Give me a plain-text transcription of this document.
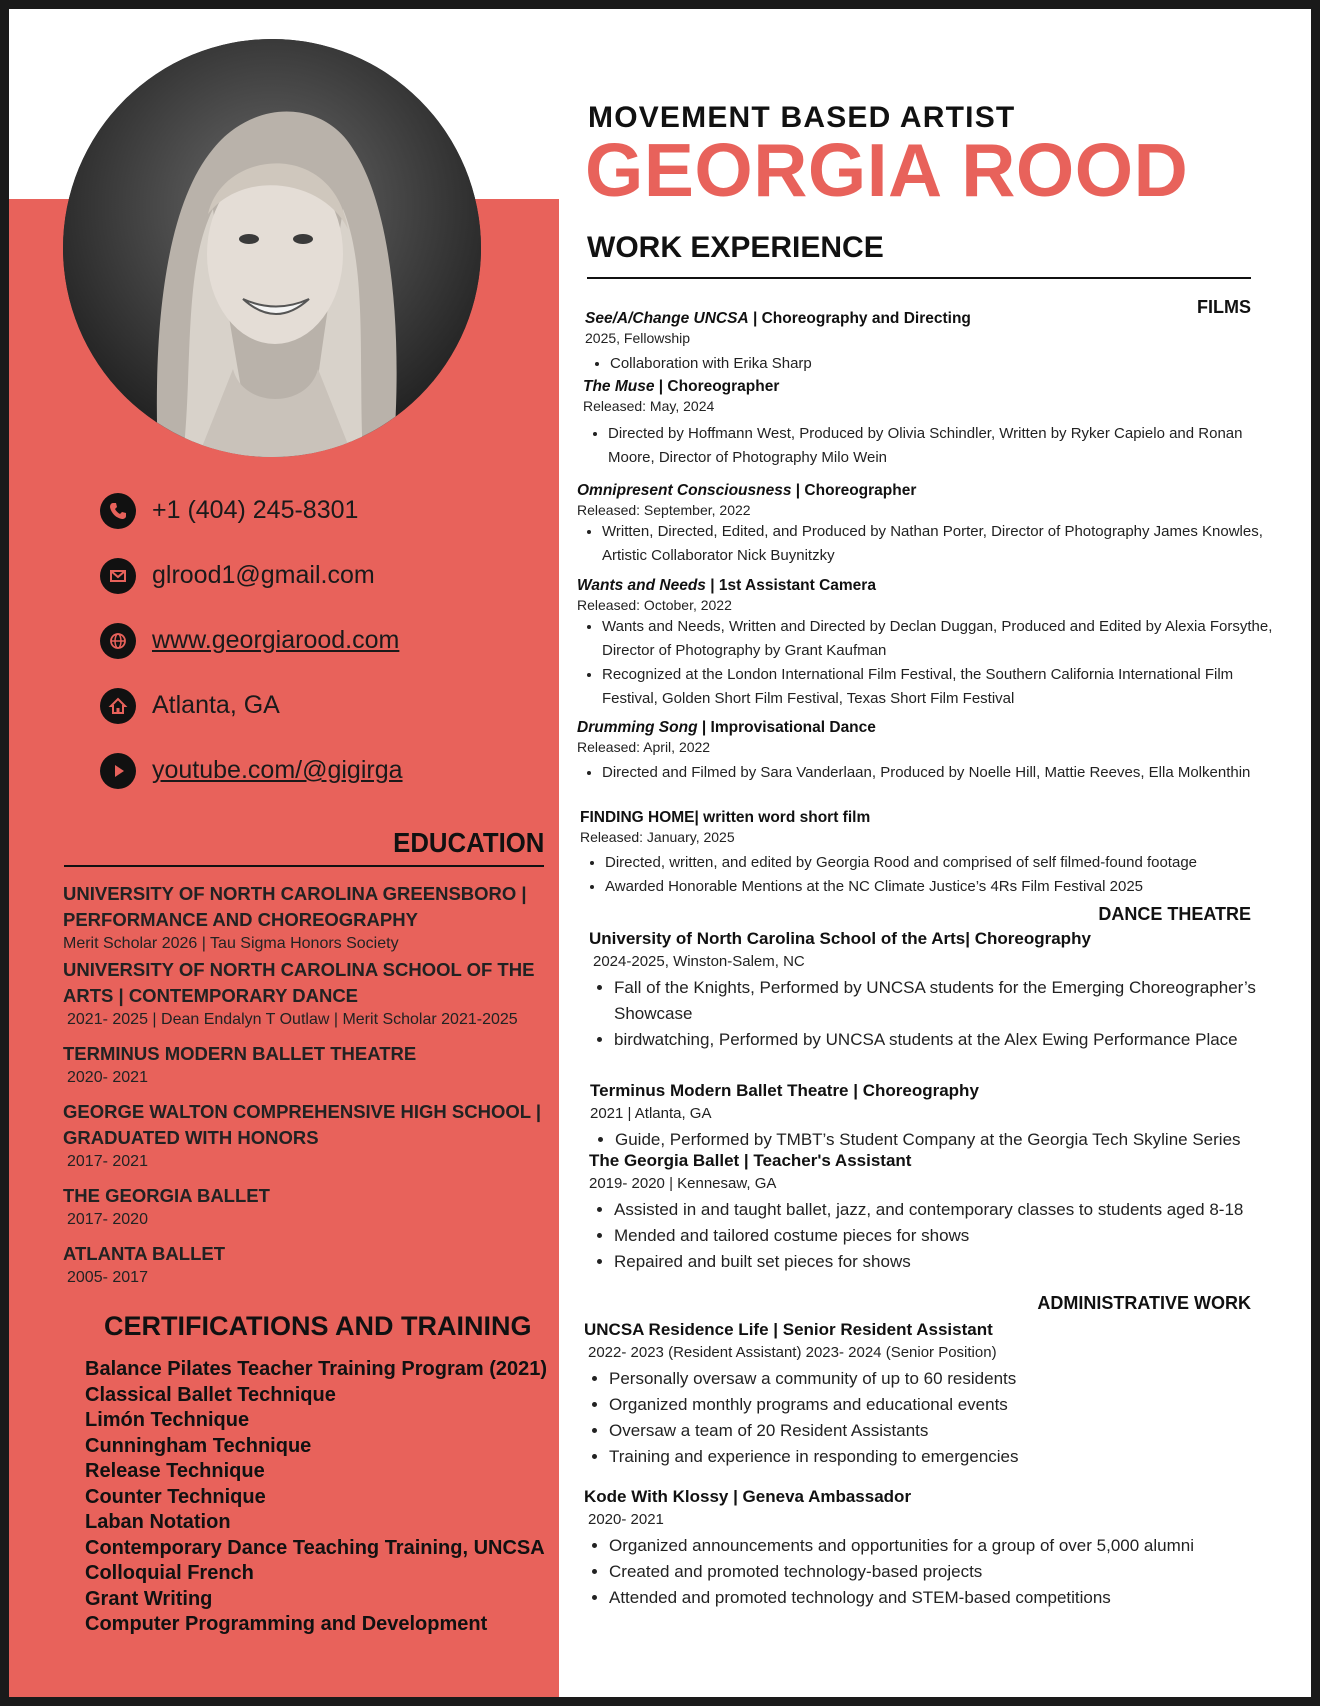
+1 (404) 245-8301
glrood1@gmail.com
www.georgiarood.com
Atlanta, GA
youtube.com/@gigirga
EDUCATION
UNIVERSITY OF NORTH CAROLINA GREENSBORO | PERFORMANCE AND CHOREOGRAPHY
Merit Scholar 2026 | Tau Sigma Honors Society
UNIVERSITY OF NORTH CAROLINA SCHOOL OF THE ARTS | CONTEMPORARY DANCE
2021- 2025 | Dean Endalyn T Outlaw | Merit Scholar 2021-2025
TERMINUS MODERN BALLET THEATRE
2020- 2021
GEORGE WALTON COMPREHENSIVE HIGH SCHOOL | GRADUATED WITH HONORS
2017- 2021
THE GEORGIA BALLET
2017- 2020
ATLANTA BALLET
2005- 2017
CERTIFICATIONS AND TRAINING
Balance Pilates Teacher Training Program (2021)
Classical Ballet Technique
Limón Technique
Cunningham Technique
Release Technique
Counter Technique
Laban Notation
Contemporary Dance Teaching Training, UNCSA
Colloquial French
Grant Writing
Computer Programming and Development
MOVEMENT BASED ARTIST
GEORGIA ROOD
WORK EXPERIENCE
FILMS
See/A/Change UNCSA | Choreography and Directing
2025, Fellowship
• Collaboration with Erika Sharp
The Muse | Choreographer
Released: May, 2024
• Directed by Hoffmann West, Produced by Olivia Schindler, Written by Ryker Capielo and Ronan Moore, Director of Photography Milo Wein
Omnipresent Consciousness | Choreographer
Released: September, 2022
• Written, Directed, Edited, and Produced by Nathan Porter, Director of Photography James Knowles, Artistic Collaborator Nick Buynitzky
Wants and Needs | 1st Assistant Camera
Released: October, 2022
• Wants and Needs, Written and Directed by Declan Duggan, Produced and Edited by Alexia Forsythe, Director of Photography by Grant Kaufman
• Recognized at the London International Film Festival, the Southern California International Film Festival, Golden Short Film Festival, Texas Short Film Festival
Drumming Song | Improvisational Dance
Released: April, 2022
• Directed and Filmed by Sara Vanderlaan, Produced by Noelle Hill, Mattie Reeves, Ella Molkenthin
FINDING HOME| written word short film
Released: January, 2025
• Directed, written, and edited by Georgia Rood and comprised of self filmed-found footage
• Awarded Honorable Mentions at the NC Climate Justice’s 4Rs Film Festival 2025
DANCE THEATRE
University of North Carolina School of the Arts| Choreography
2024-2025, Winston-Salem, NC
• Fall of the Knights, Performed by UNCSA students for the Emerging Choreographer’s Showcase
• birdwatching, Performed by UNCSA students at the Alex Ewing Performance Place
Terminus Modern Ballet Theatre | Choreography
2021 | Atlanta, GA
• Guide, Performed by TMBT’s Student Company at the Georgia Tech Skyline Series
The Georgia Ballet | Teacher's Assistant
2019- 2020 | Kennesaw, GA
• Assisted in and taught ballet, jazz, and contemporary classes to students aged 8-18
• Mended and tailored costume pieces for shows
• Repaired and built set pieces for shows
ADMINISTRATIVE WORK
UNCSA Residence Life | Senior Resident Assistant
2022- 2023 (Resident Assistant) 2023- 2024 (Senior Position)
• Personally oversaw a community of up to 60 residents
• Organized monthly programs and educational events
• Oversaw a team of 20 Resident Assistants
• Training and experience in responding to emergencies
Kode With Klossy | Geneva Ambassador
2020- 2021
• Organized announcements and opportunities for a group of over 5,000 alumni
• Created and promoted technology-based projects
• Attended and promoted technology and STEM-based competitions
